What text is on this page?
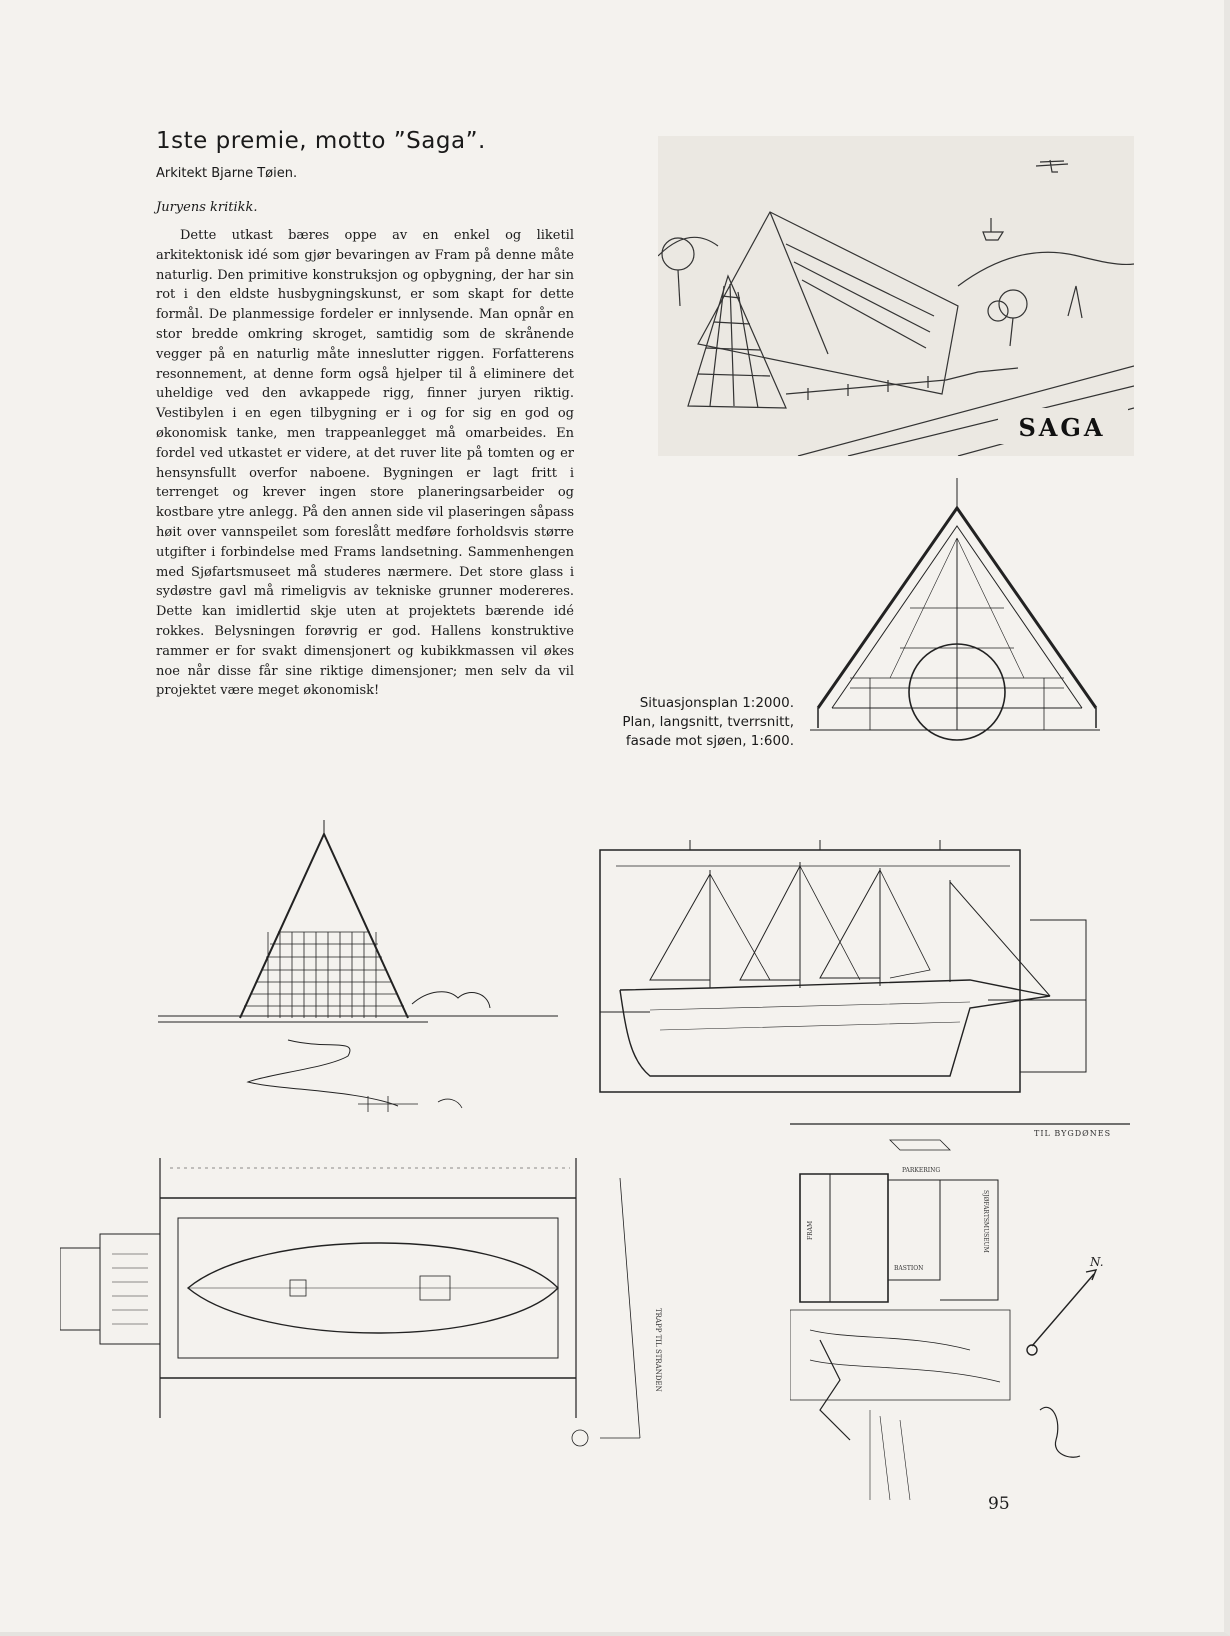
1ste premie, motto ”Saga”.
Arkitekt Bjarne Tøien.
Juryens kritikk.

Dette utkast bæres oppe av en enkel og liketil arkitektonisk idé som gjør bevaringen av Fram på denne måte naturlig. Den primitive konstruksjon og opbygning, der har sin rot i den eldste husbygningskunst, er som skapt for dette formål. De planmessige fordeler er innlysende. Man opnår en stor bredde omkring skroget, samtidig som de skrånende vegger på en naturlig måte inneslutter riggen. Forfatterens resonnement, at denne form også hjelper til å eliminere det uheldige ved den avkappede rigg, finner juryen riktig. Vestibylen i en egen tilbygning er i og for sig en god og økonomisk tanke, men trappeanlegget må omarbeides. En fordel ved utkastet er videre, at det ruver lite på tomten og er hensynsfullt overfor naboene. Bygningen er lagt fritt i terrenget og krever ingen store planeringsarbeider og kostbare ytre anlegg. På den annen side vil plaseringen såpass høit over vannspeilet som foreslått medføre forholdsvis større utgifter i forbindelse med Frams landsetning. Sammenhengen med Sjøfartsmuseet må studeres nærmere. Det store glass i sydøstre gavl må rimeligvis av tekniske grunner modereres. Dette kan imidlertid skje uten at projektets bærende idé rokkes. Belysningen forøvrig er god. Hallens konstruktive rammer er for svakt dimensjonert og kubikkmassen vil økes noe når disse får sine riktige dimensjoner; men selv da vil projektet være meget økonomisk!

SAGA
TRAPP TIL STRANDEN
TIL BYGDØNES
PARKERING
FRAM
BASTION
SJØFARTSMUSEUM
N.
Situasjonsplan 1:2000.
Plan, langsnitt, tverrsnitt,
fasade mot sjøen, 1:600.
95
